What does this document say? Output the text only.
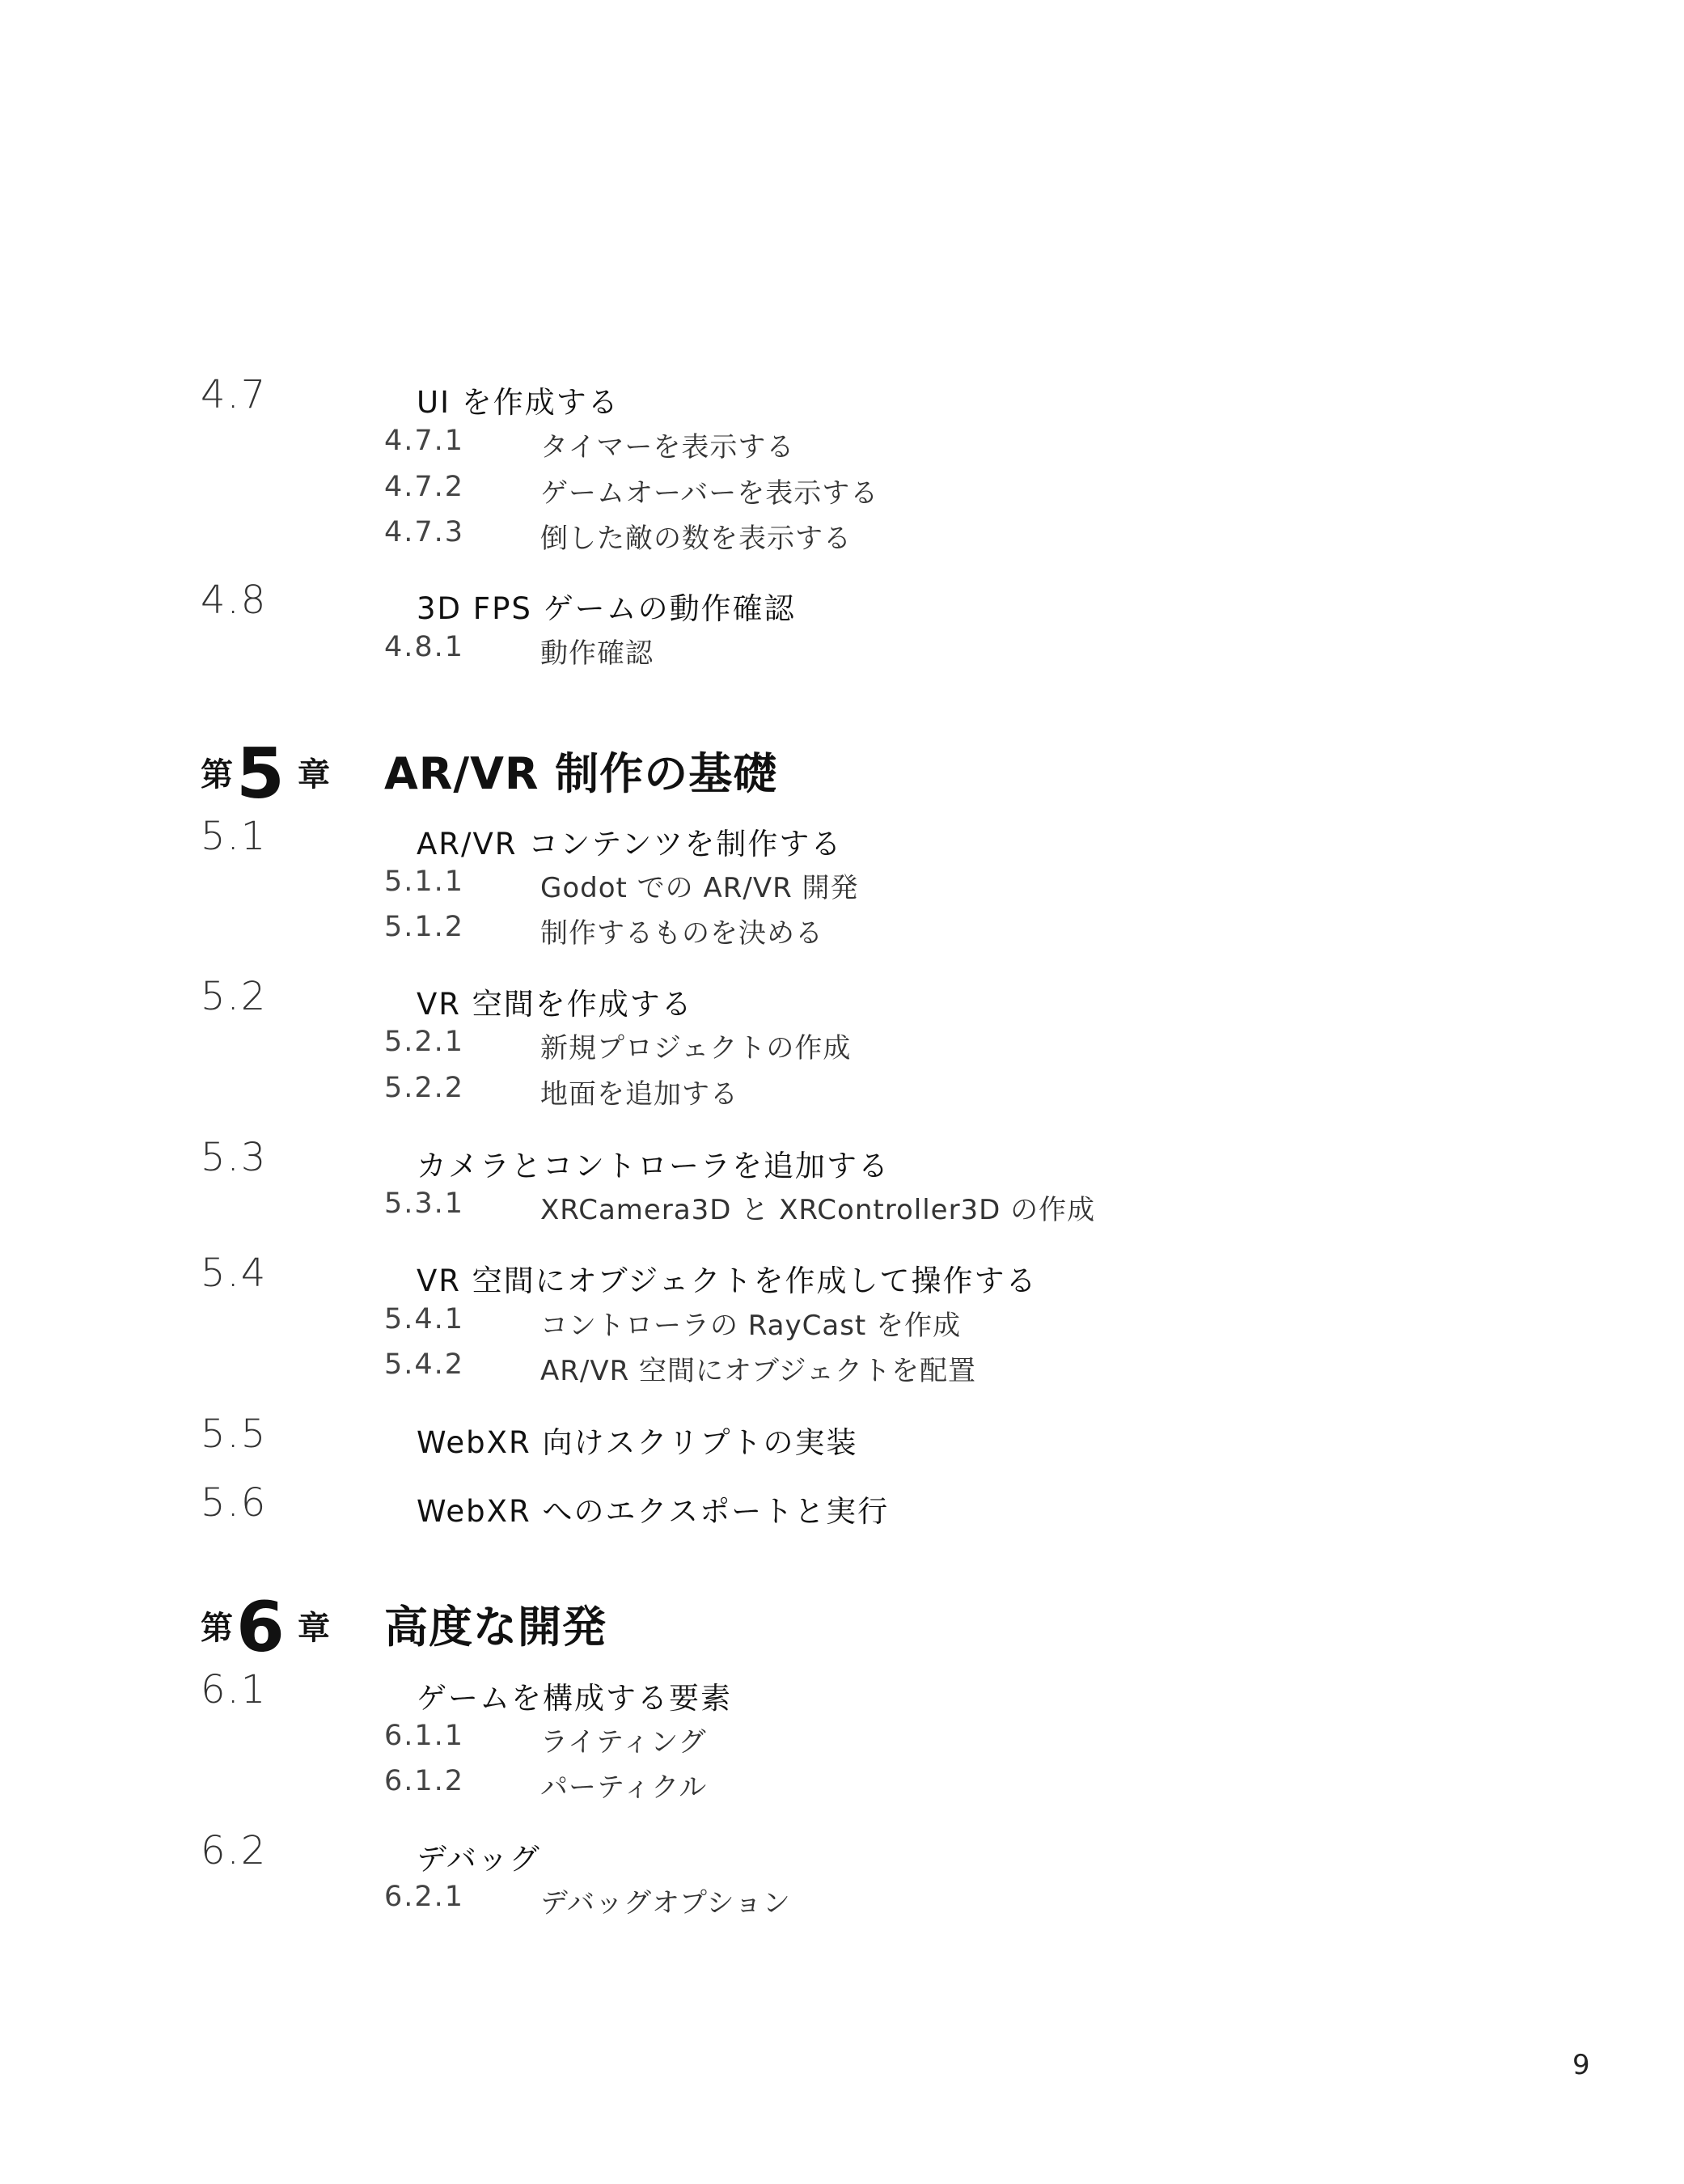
4.7	UI を作成する
4.7.1	タイマーを表示する
4.7.2	ゲームオーバーを表示する
4.7.3	倒した敵の数を表示する
4.8	3D FPS ゲームの動作確認
4.8.1	動作確認
第 5 章 AR/VR 制作の基礎
5.1	AR/VR コンテンツを制作する
5.1.1	Godot での AR/VR 開発
5.1.2	制作するものを決める
5.2	VR 空間を作成する
5.2.1	新規プロジェクトの作成
5.2.2	地面を追加する
5.3	カメラとコントローラを追加する
5.3.1	XRCamera3D と XRController3D の作成
5.4	VR 空間にオブジェクトを作成して操作する
5.4.1	コントローラの RayCast を作成
5.4.2	AR/VR 空間にオブジェクトを配置
5.5	WebXR 向けスクリプトの実装
5.6	WebXR へのエクスポートと実行
第 6 章 高度な開発
6.1	ゲームを構成する要素
6.1.1	ライティング
6.1.2	パーティクル
6.2	デバッグ
6.2.1	デバッグオプション
9
